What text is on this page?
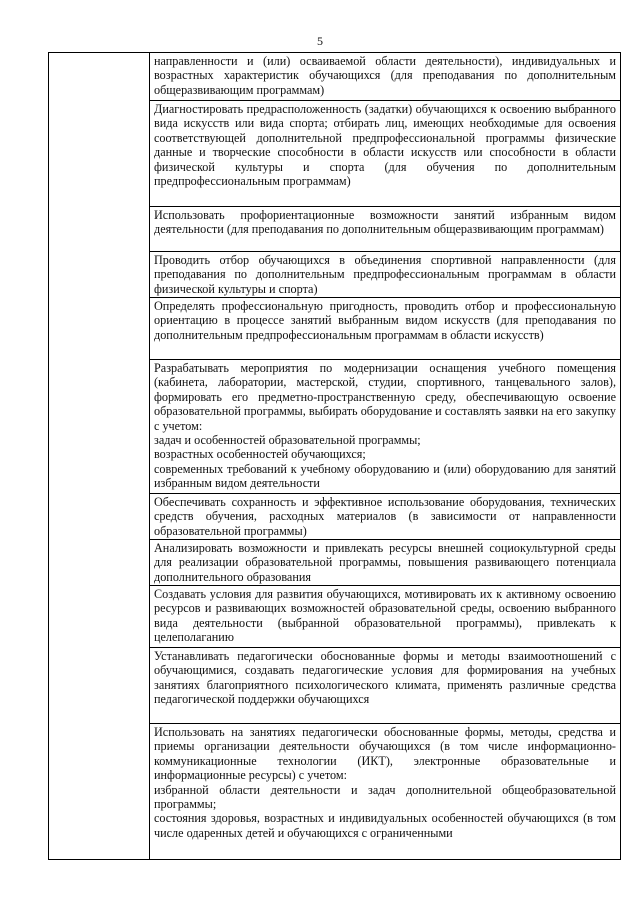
5

направленности и (или) осваиваемой области деятельности), индивидуальных и возрастных характеристик обучающихся (для преподавания по дополнительным общеразвивающим программам)

Диагностировать предрасположенность (задатки) обучающихся к освоению выбранного вида искусств или вида спорта; отбирать лиц, имеющих необходимые для освоения соответствующей дополнительной предпрофессиональной программы физические данные и творческие способности в области искусств или способности в области физической культуры и спорта (для обучения по дополнительным предпрофессиональным программам)

Использовать профориентационные возможности занятий избранным видом деятельности (для преподавания по дополнительным общеразвивающим программам)

Проводить отбор обучающихся в объединения спортивной направленности (для преподавания по дополнительным предпрофессиональным программам в области физической культуры и спорта)

Определять профессиональную пригодность, проводить отбор и профессиональную ориентацию в процессе занятий выбранным видом искусств (для преподавания по дополнительным предпрофессиональным программам в области искусств)

Разрабатывать мероприятия по модернизации оснащения учебного помещения (кабинета, лаборатории, мастерской, студии, спортивного, танцевального залов), формировать его предметно-пространственную среду, обеспечивающую освоение образовательной программы, выбирать оборудование и составлять заявки на его закупку с учетом:
задач и особенностей образовательной программы;
возрастных особенностей обучающихся;
современных требований к учебному оборудованию и (или) оборудованию для занятий избранным видом деятельности

Обеспечивать сохранность и эффективное использование оборудования, технических средств обучения, расходных материалов (в зависимости от направленности образовательной программы)

Анализировать возможности и привлекать ресурсы внешней социокультурной среды для реализации образовательной программы, повышения развивающего потенциала дополнительного образования

Создавать условия для развития обучающихся, мотивировать их к активному освоению ресурсов и развивающих возможностей образовательной среды, освоению выбранного вида деятельности (выбранной образовательной программы), привлекать к целеполаганию

Устанавливать педагогически обоснованные формы и методы взаимоотношений с обучающимися, создавать педагогические условия для формирования на учебных занятиях благоприятного психологического климата, применять различные средства педагогической поддержки обучающихся

Использовать на занятиях педагогически обоснованные формы, методы, средства и приемы организации деятельности обучающихся (в том числе информационно-коммуникационные технологии (ИКТ), электронные образовательные и информационные ресурсы) с учетом:
избранной области деятельности и задач дополнительной общеобразовательной программы;
состояния здоровья, возрастных и индивидуальных особенностей обучающихся (в том числе одаренных детей и обучающихся с ограниченными
